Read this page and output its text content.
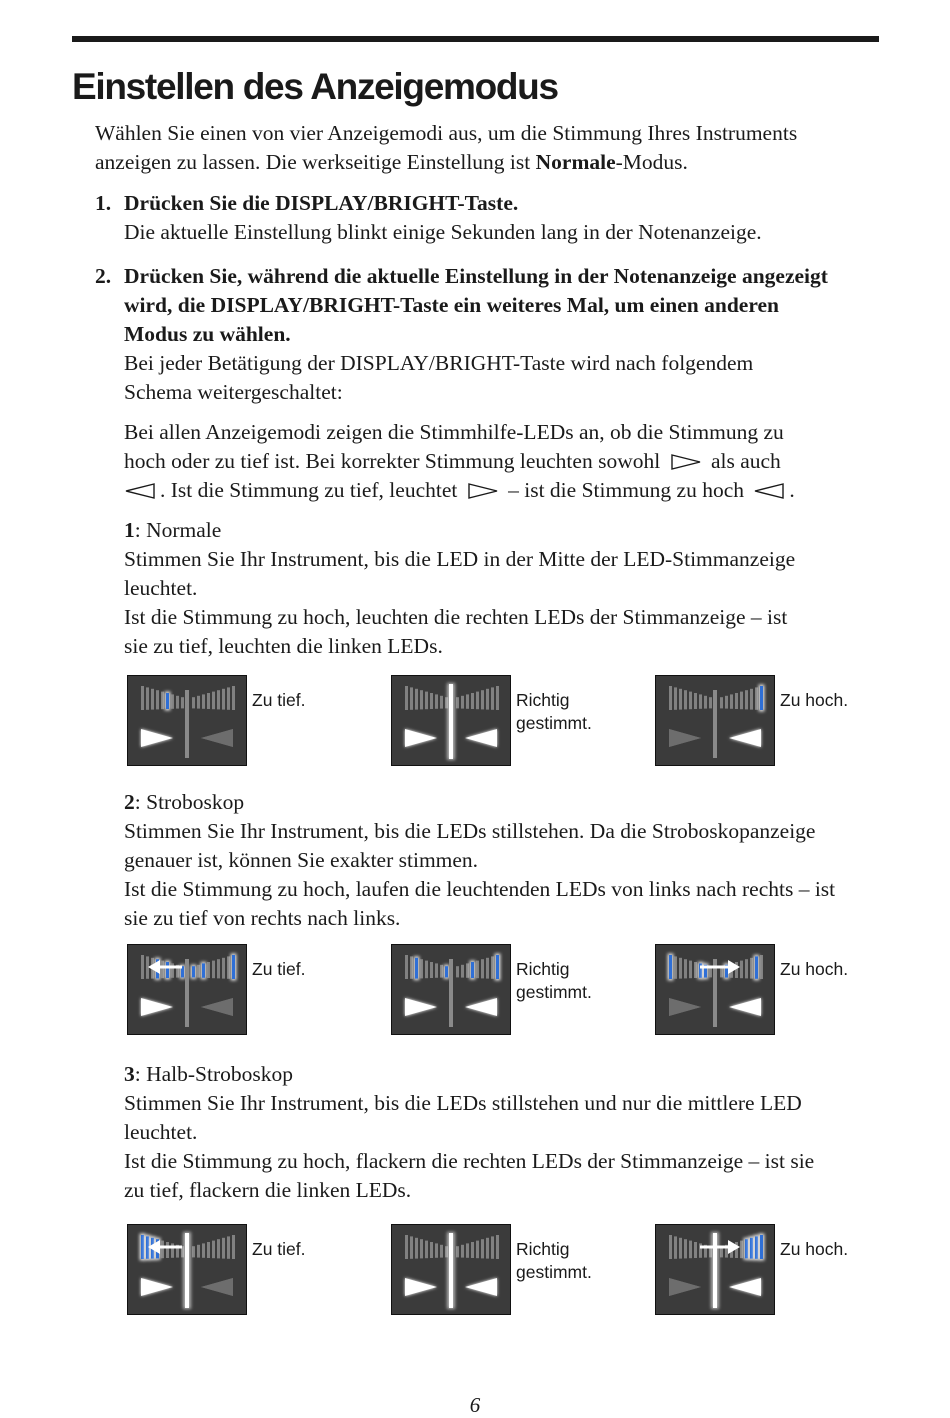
Einstellen des Anzeigemodus

Wählen Sie einen von vier Anzeigemodi aus, um die Stimmung Ihres Instruments
anzeigen zu lassen. Die werkseitige Einstellung ist Normale-Modus.

1. Drücken Sie die DISPLAY/BRIGHT-Taste.
Die aktuelle Einstellung blinkt einige Sekunden lang in der Notenanzeige.

2. Drücken Sie, während die aktuelle Einstellung in der Notenanzeige angezeigt
wird, die DISPLAY/BRIGHT-Taste ein weiteres Mal, um einen anderen
Modus zu wählen.
Bei jeder Betätigung der DISPLAY/BRIGHT-Taste wird nach folgendem
Schema weitergeschaltet:

Bei allen Anzeigemodi zeigen die Stimmhilfe-LEDs an, ob die Stimmung zu
hoch oder zu tief ist. Bei korrekter Stimmung leuchten sowohl als auch
. Ist die Stimmung zu tief, leuchtet – ist die Stimmung zu hoch .

1: Normale
Stimmen Sie Ihr Instrument, bis die LED in der Mitte der LED-Stimmanzeige
leuchtet.
Ist die Stimmung zu hoch, leuchten die rechten LEDs der Stimmanzeige – ist
sie zu tief, leuchten die linken LEDs.

Zu tief.	Richtig gestimmt.
Zu hoch.

2: Stroboskop
Stimmen Sie Ihr Instrument, bis die LEDs stillstehen. Da die Stroboskopanzeige
genauer ist, können Sie exakter stimmen.
Ist die Stimmung zu hoch, laufen die leuchtenden LEDs von links nach rechts – ist
sie zu tief von rechts nach links.

Zu tief.	Richtig gestimmt.
Zu hoch.

3: Halb-Stroboskop
Stimmen Sie Ihr Instrument, bis die LEDs stillstehen und nur die mittlere LED
leuchtet.
Ist die Stimmung zu hoch, flackern die rechten LEDs der Stimmanzeige – ist sie
zu tief, flackern die linken LEDs.

Zu tief.	Richtig gestimmt.
Zu hoch.
6
